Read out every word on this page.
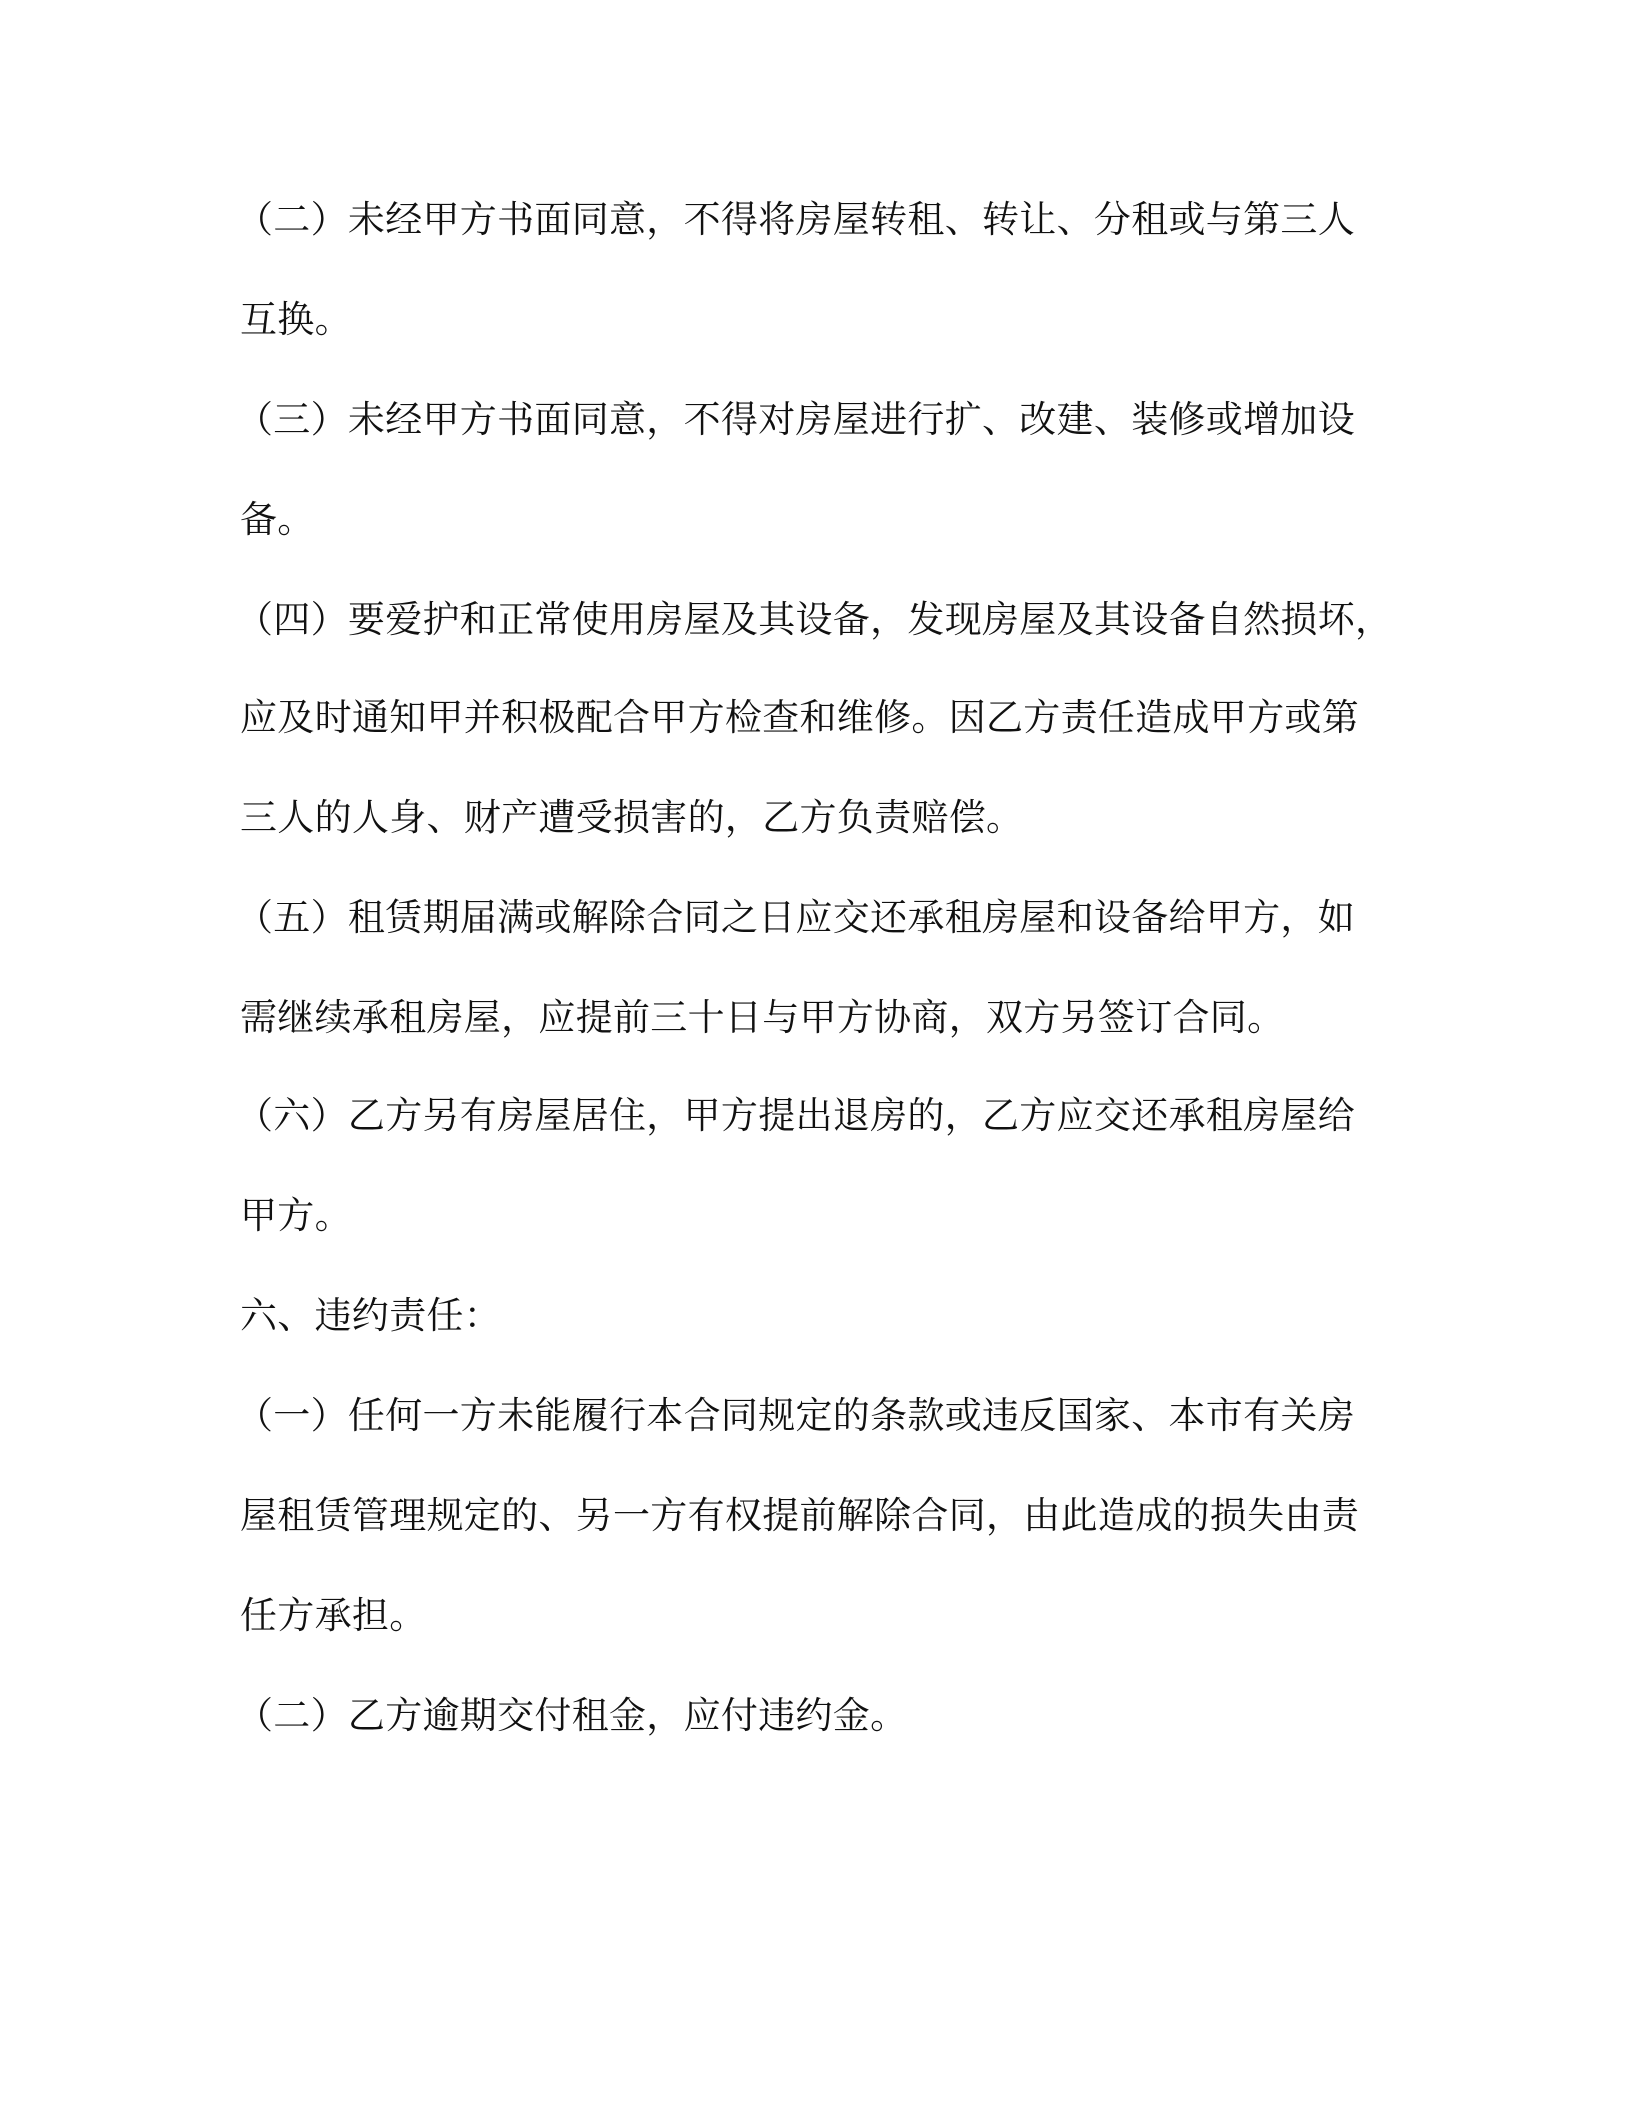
（二）未经甲方书面同意，不得将房屋转租、转让、分租或与第三人
互换。
（三）未经甲方书面同意，不得对房屋进行扩、改建、装修或增加设
备。
（四）要爱护和正常使用房屋及其设备，发现房屋及其设备自然损坏，
应及时通知甲并积极配合甲方检查和维修。因乙方责任造成甲方或第
三人的人身、财产遭受损害的，乙方负责赔偿。
（五）租赁期届满或解除合同之日应交还承租房屋和设备给甲方，如
需继续承租房屋，应提前三十日与甲方协商，双方另签订合同。
（六）乙方另有房屋居住，甲方提出退房的，乙方应交还承租房屋给
甲方。
六、违约责任：
（一）任何一方未能履行本合同规定的条款或违反国家、本市有关房
屋租赁管理规定的、另一方有权提前解除合同，由此造成的损失由责
任方承担。
（二）乙方逾期交付租金，应付违约金。
